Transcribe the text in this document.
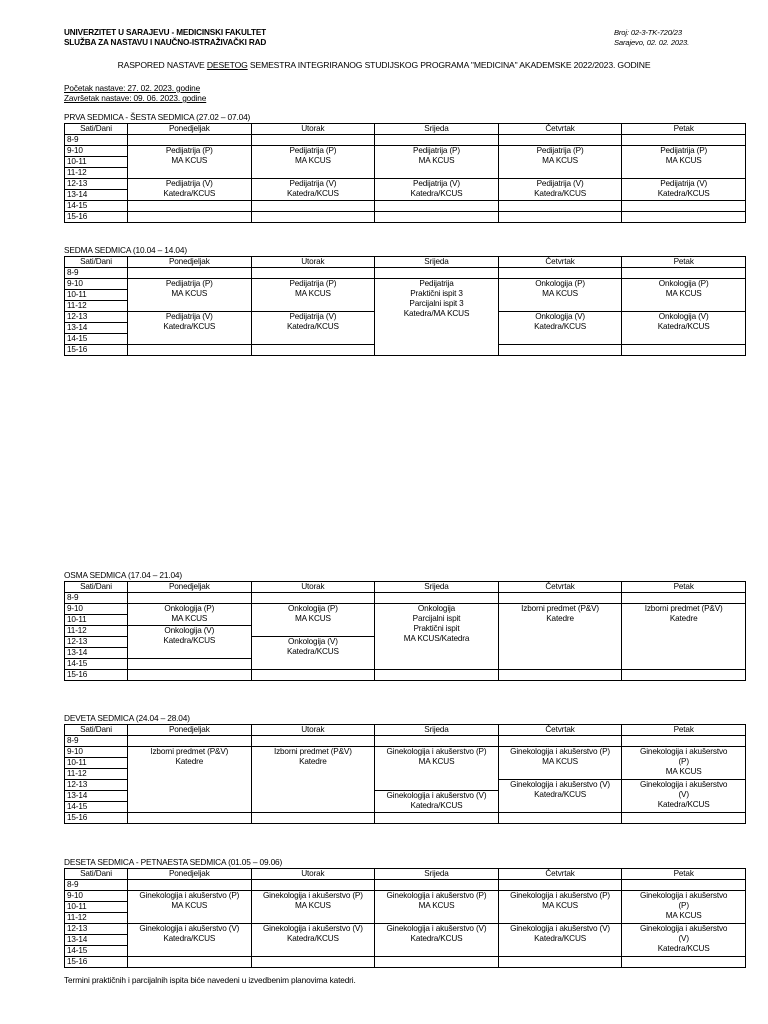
UNIVERZITET U SARAJEVU - MEDICINSKI FAKULTET
SLUŽBA ZA NASTAVU I NAUČNO-ISTRAŽIVAČKI RAD
Broj: 02-3-TK-720/23
Sarajevo, 02. 02. 2023.
RASPORED NASTAVE DESETOG SEMESTRA INTEGRIRANOG STUDIJSKOG PROGRAMA "MEDICINA" AKADEMSKE 2022/2023. GODINE
Početak nastave: 27. 02. 2023. godine
Završetak nastave: 09. 06. 2023. godine
PRVA SEDMICA - ŠESTA SEDMICA (27.02 – 07.04)
Sati/Dani	Ponedjeljak	Utorak	Srijeda	Četvrtak	Petak
8-9					
9-10	Pedijatrija (P)
MA KCUS	Pedijatrija (P)
MA KCUS	Pedijatrija (P)
MA KCUS	Pedijatrija (P)
MA KCUS	Pedijatrija (P)
MA KCUS
10-11					
11-12					
12-13	Pedijatrija (V)
Katedra/KCUS	Pedijatrija (V)
Katedra/KCUS	Pedijatrija (V)
Katedra/KCUS	Pedijatrija (V)
Katedra/KCUS	Pedijatrija (V)
Katedra/KCUS
13-14					
14-15					
15-16					
SEDMA SEDMICA (10.04 – 14.04)
Sati/Dani	Ponedjeljak	Utorak	Srijeda	Četvrtak	Petak
8-9					
9-10	Pedijatrija (P)
MA KCUS	Pedijatrija (P)
MA KCUS	Pedijatrija
Praktični ispit 3
Parcijalni ispit 3
Katedra/MA KCUS	Onkologija (P)
MA KCUS	Onkologija (P)
MA KCUS
10-11					
11-12					
12-13	Pedijatrija (V)
Katedra/KCUS	Pedijatrija (V)
Katedra/KCUS		Onkologija (V)
Katedra/KCUS	Onkologija (V)
Katedra/KCUS
13-14					
14-15					
15-16					
OSMA SEDMICA (17.04 – 21.04)
Sati/Dani	Ponedjeljak	Utorak	Srijeda	Četvrtak	Petak
8-9					
9-10	Onkologija (P)
MA KCUS	Onkologija (P)
MA KCUS	Onkologija
Parcijalni ispit
Praktični ispit
MA KCUS/Katedra	Izborni predmet (P&V)
Katedre	Izborni predmet (P&V)
Katedre
10-11					
11-12	Onkologija (V)
Katedra/KCUS				
12-13		Onkologija (V)
Katedra/KCUS			
13-14					
14-15					
15-16					
DEVETA SEDMICA (24.04 – 28.04)
Sati/Dani	Ponedjeljak	Utorak	Srijeda	Četvrtak	Petak
8-9					
9-10	Izborni predmet (P&V)
Katedre	Izborni predmet (P&V)
Katedre	Ginekologija i akušerstvo (P)
MA KCUS	Ginekologija i akušerstvo (P)
MA KCUS	Ginekologija i akušerstvo
(P)
MA KCUS
10-11					
11-12					
12-13				Ginekologija i akušerstvo (V)
Katedra/KCUS	Ginekologija i akušerstvo
(V)
Katedra/KCUS
13-14			Ginekologija i akušerstvo (V)
Katedra/KCUS		
14-15					
15-16					
DESETA SEDMICA - PETNAESTA SEDMICA (01.05 – 09.06)
Sati/Dani	Ponedjeljak	Utorak	Srijeda	Četvrtak	Petak
8-9					
9-10	Ginekologija i akušerstvo (P)
MA KCUS	Ginekologija i akušerstvo (P)
MA KCUS	Ginekologija i akušerstvo (P)
MA KCUS	Ginekologija i akušerstvo (P)
MA KCUS	Ginekologija i akušerstvo
(P)
MA KCUS
10-11					
11-12					
12-13	Ginekologija i akušerstvo (V)
Katedra/KCUS	Ginekologija i akušerstvo (V)
Katedra/KCUS	Ginekologija i akušerstvo (V)
Katedra/KCUS	Ginekologija i akušerstvo (V)
Katedra/KCUS	Ginekologija i akušerstvo
(V)
Katedra/KCUS
13-14					
14-15					
15-16					
Termini praktičnih i parcijalnih ispita biće navedeni u izvedbenim planovima katedri.
